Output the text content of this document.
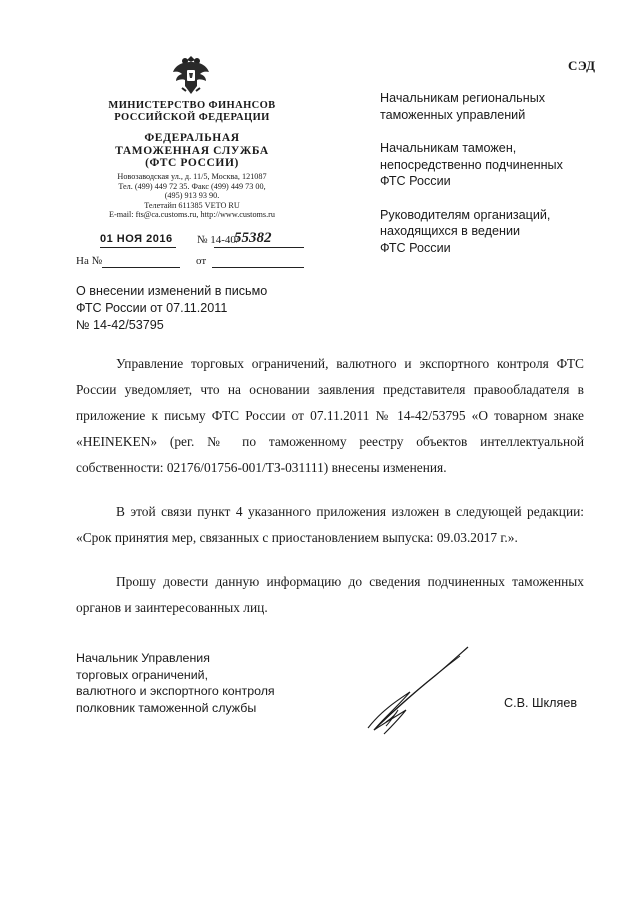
СЭД
МИНИСТЕРСТВО ФИНАНСОВ
РОССИЙСКОЙ ФЕДЕРАЦИИ
ФЕДЕРАЛЬНАЯ
ТАМОЖЕННАЯ СЛУЖБА
(ФТС РОССИИ)
Новозаводская ул., д. 11/5, Москва, 121087
Тел. (499) 449 72 35. Факс (499) 449 73 00,
(495) 913 93 90.
Телетайп 611385 VETO RU
E-mail: fts@ca.customs.ru, http://www.customs.ru
01 НОЯ 2016 № 14-40/
55382
На №	от
Начальникам региональных
таможенных управлений
Начальникам таможен,
непосредственно подчиненных
ФТС России
Руководителям организаций,
находящихся в ведении
ФТС России
О внесении изменений в письмо
ФТС России от 07.11.2011
№ 14-42/53795

Управление торговых ограничений, валютного и экспортного контроля ФТС России уведомляет, что на основании заявления представителя правообладателя в приложение к письму ФТС России от 07.11.2011 № 14-42/53795 «О товарном знаке «HEINEKEN» (рег. № по таможенному реестру объектов интеллектуальной собственности: 02176/01756-001/ТЗ-031111) внесены изменения.

В этой связи пункт 4 указанного приложения изложен в следующей редакции: «Срок принятия мер, связанных с приостановлением выпуска: 09.03.2017 г.».

Прошу довести данную информацию до сведения подчиненных таможенных органов и заинтересованных лиц.

Начальник Управления
торговых ограничений,
валютного и экспортного контроля
полковник таможенной службы	С.В. Шкляев
